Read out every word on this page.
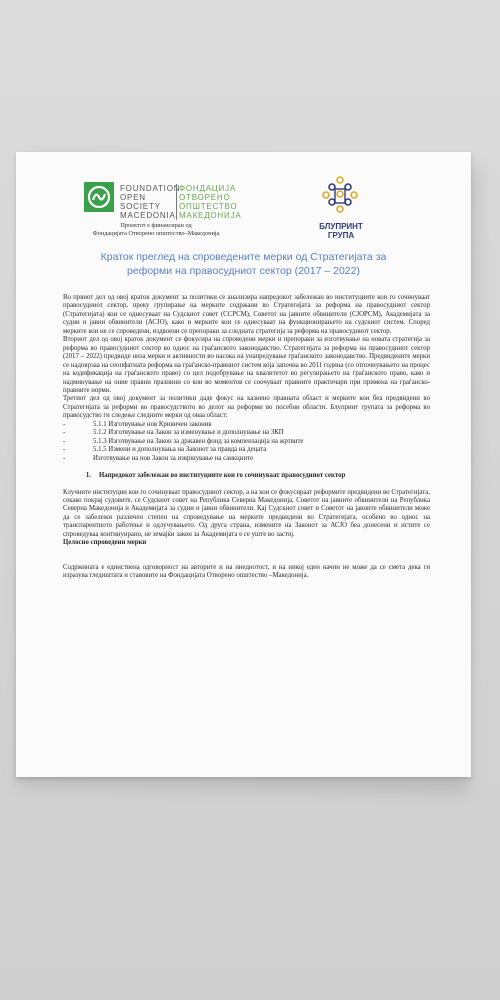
FOUNDATION
ФОНДАЦИЈА
OPEN	ОТВОРЕНО
SOCIETY	ОПШТЕСТВО
MACEDONIA МАКЕДОНИЈА
Проектот е финансиран од
Фондацијата Отворено општество–Македонија
БЛУПРИНТ ГРУПА
Краток преглед на спроведените мерки од Стратегијата за
реформи на правосудниот сектор (2017 – 2022)

Во првиот дел од овој краток документ за политики се анализира напредокот забележан во институциите кои го сочинуваат правосудниот сектор, преку групирање на мерките содржани во Стратегијата за реформа на правосудниот сектор (Стратегијата) кои се однесуваат на Судскиот совет (ССРСМ), Советот на јавните обвинители (СЈОРСМ), Академијата за судии и јавни обвинители (АСЈО), како и мерките кои се однесуваат на функционирањето на судскиот систем. Според мерките кои не се спроведени, издвоени се препораки за следната стратегија за реформа на правосудниот сектор.

Вториот дел од овој краток документ се фокусира на спроведени мерки и препораки за изготвување на новата стратегија за реформа во правосудниот сектор во однос на граѓанското законодавство. Стратегијата за реформа на правосудниот сектор (2017 – 2022) предвиде низа мерки и активности во насока на унапредување граѓанското законодавство. Предвидените мерки се надоврзаа на сеопфатната реформа на граѓанско-правниот систем која започна во 2011 година (со отпочнувањето на процес на кодификација на граѓанското право) со цел подобрување на квалитетот во регулирањето на граѓанското право, како и надминување на оние правни празнини со кои во моментов се соочуваат правните практичари при примена на граѓанско-правните норми.

Третиот дел од овој документ за политики даде фокус на казнено правната област и мерките кои беа предвидени во Стратегијата за реформи во правосудството во делот на реформи во посебни области. Блупринт групата за реформа во правосудство ги следење следните мерки од оваа област:

-	5.1.1 Изготвување нов Кривичен законик
-	5.1.2 Изготвување на Закон за изменување и дополнување на ЗКП
-	5.1.3 Изготвување на Закон за државен фонд за компензација на жртвите
-	5.1.5 Измени и дополнувања на Законот за правда на децата
-	Изготвување на нов Закон за извршување на санкциите
1.	Напредокот забележан во институциите кои го сочинуваат правосудниот сектор

Клучните институции кои го сочинуваат правосудниот сектор, а на кои се фокусираат реформите предвидени во Стратегијата, секако покрај судовите, се Судскиот совет на Република Северна Македонија, Советот на јавните обвинители на Република Северна Македонија и Академијата за судии и јавни обвинители. Кај Судскиот совет и Советот на јавните обвинители може да се забележи различен степен на спроведување на мерките предвидени во Стратегијата, особено во однос на транспарентното работење и одлучувањето. Од друга страна, измените на Законот за АСЈО беа донесени и истите се спроведуваа континуирано, не земајќи закон за Академијата е се уште во застој.

Целосно спроведени мерки

Содржината е единствена одговорност на авторите и на ниеднотост, и на никој еден начин не може да се смета дека ги изразува гледиштата и ставовите на Фондацијата Отворено општество –Македонија.
